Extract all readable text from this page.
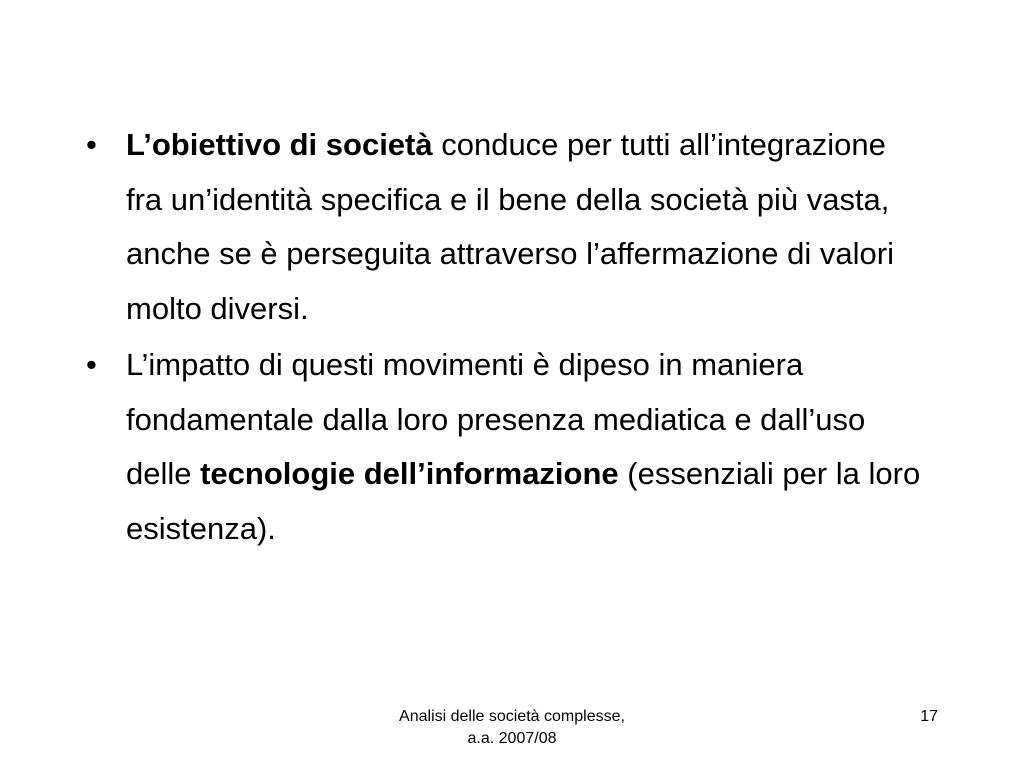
• L’obiettivo di società conduce per tutti all’integrazione fra un’identità specifica e il bene della società più vasta, anche se è perseguita attraverso l’affermazione di valori molto diversi.
• L’impatto di questi movimenti è dipeso in maniera fondamentale dalla loro presenza mediatica e dall’uso delle tecnologie dell’informazione (essenziali per la loro esistenza).
Analisi delle società complesse,
a.a. 2007/08
17
